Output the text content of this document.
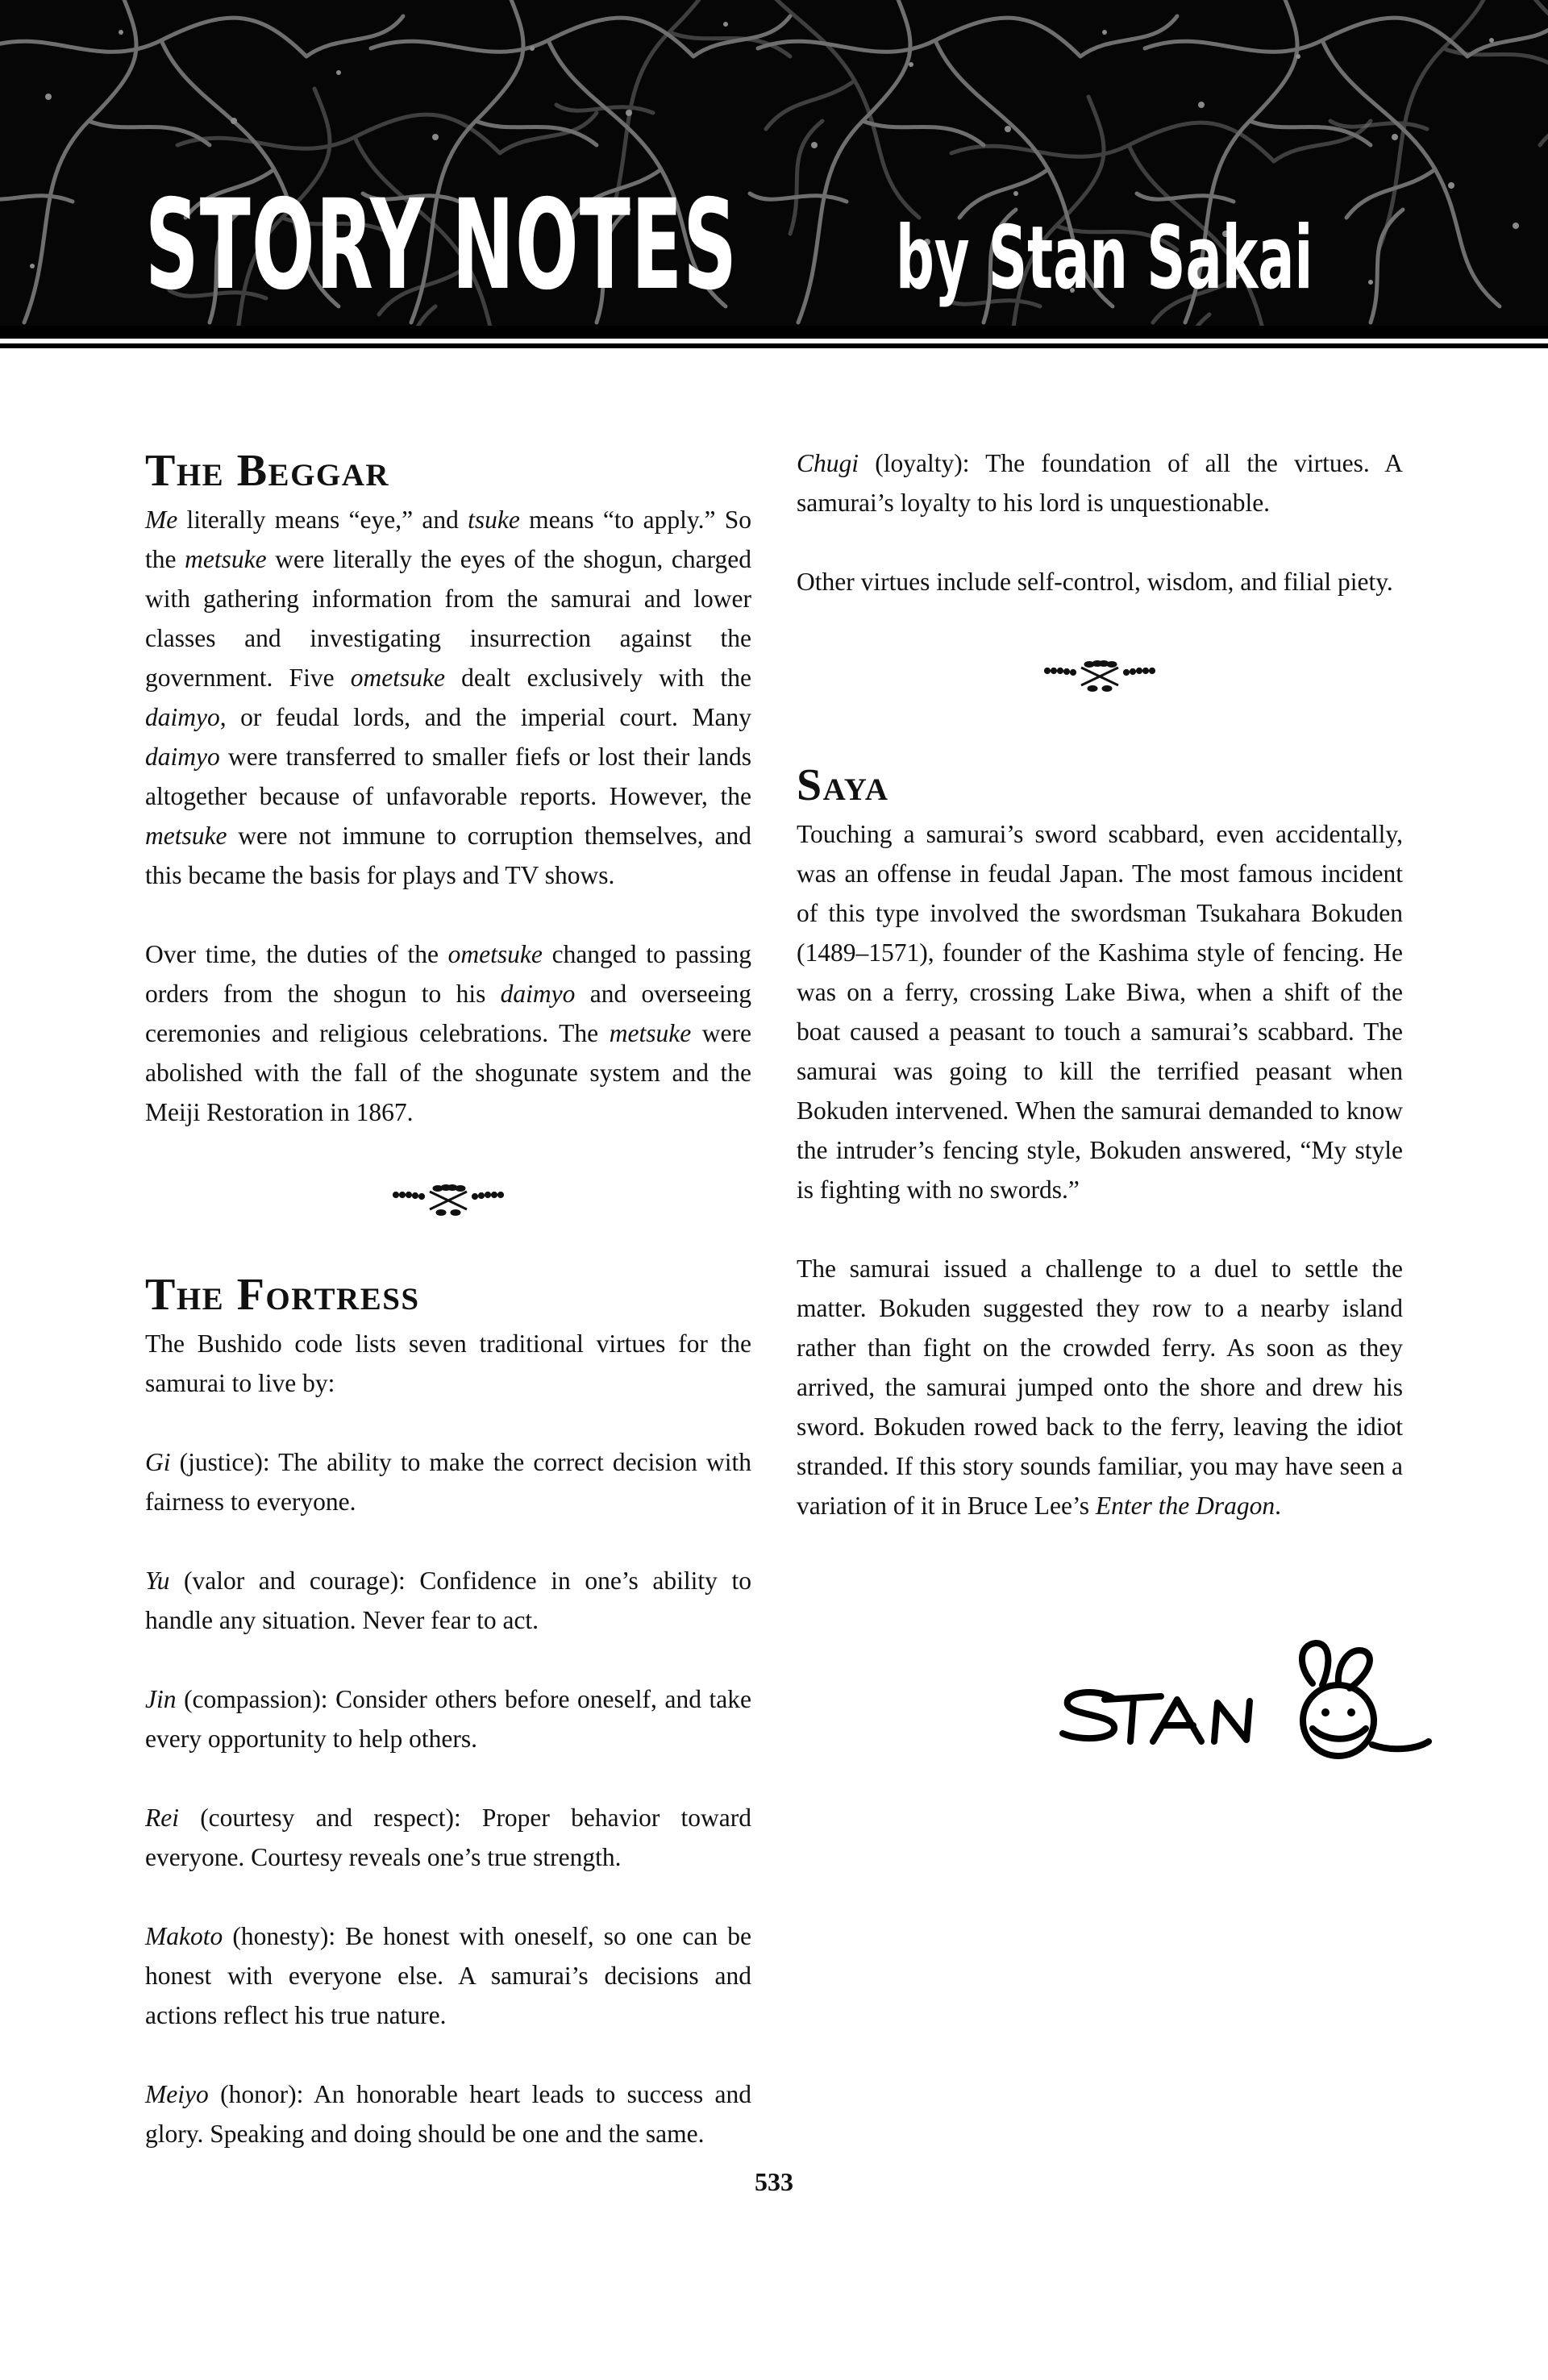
STORY NOTES by Stan Sakai
The Beggar

Me literally means “eye,” and tsuke means “to apply.” So the metsuke were literally the eyes of the shogun, charged with gathering information from the samurai and lower classes and investigating insurrection against the government. Five ometsuke dealt exclusively with the daimyo, or feudal lords, and the imperial court. Many daimyo were transferred to smaller fiefs or lost their lands altogether because of unfavorable reports. However, the metsuke were not immune to corruption themselves, and this became the basis for plays and TV shows.

Over time, the duties of the ometsuke changed to passing orders from the shogun to his daimyo and overseeing ceremonies and religious celebrations. The metsuke were abolished with the fall of the shogunate system and the Meiji Restoration in 1867.

The Fortress

The Bushido code lists seven traditional virtues for the samurai to live by:

Gi (justice): The ability to make the correct decision with fairness to everyone.

Yu (valor and courage): Confidence in one’s ability to handle any situation. Never fear to act.

Jin (compassion): Consider others before oneself, and take every opportunity to help others.

Rei (courtesy and respect): Proper behavior toward everyone. Courtesy reveals one’s true strength.

Makoto (honesty): Be honest with oneself, so one can be honest with everyone else. A samurai’s decisions and actions reflect his true nature.

Meiyo (honor): An honorable heart leads to success and glory. Speaking and doing should be one and the same.

Chugi (loyalty): The foundation of all the virtues. A samurai’s loyalty to his lord is unquestionable.

Other virtues include self-control, wisdom, and filial piety.

Saya

Touching a samurai’s sword scabbard, even accidentally, was an offense in feudal Japan. The most famous incident of this type involved the swordsman Tsukahara Bokuden (1489–1571), founder of the Kashima style of fencing. He was on a ferry, crossing Lake Biwa, when a shift of the boat caused a peasant to touch a samurai’s scabbard. The samurai was going to kill the terrified peasant when Bokuden intervened. When the samurai demanded to know the intruder’s fencing style, Bokuden answered, “My style is fighting with no swords.”

The samurai issued a challenge to a duel to settle the matter. Bokuden suggested they row to a nearby island rather than fight on the crowded ferry. As soon as they arrived, the samurai jumped onto the shore and drew his sword. Bokuden rowed back to the ferry, leaving the idiot stranded. If this story sounds familiar, you may have seen a variation of it in Bruce Lee’s Enter the Dragon.

533
